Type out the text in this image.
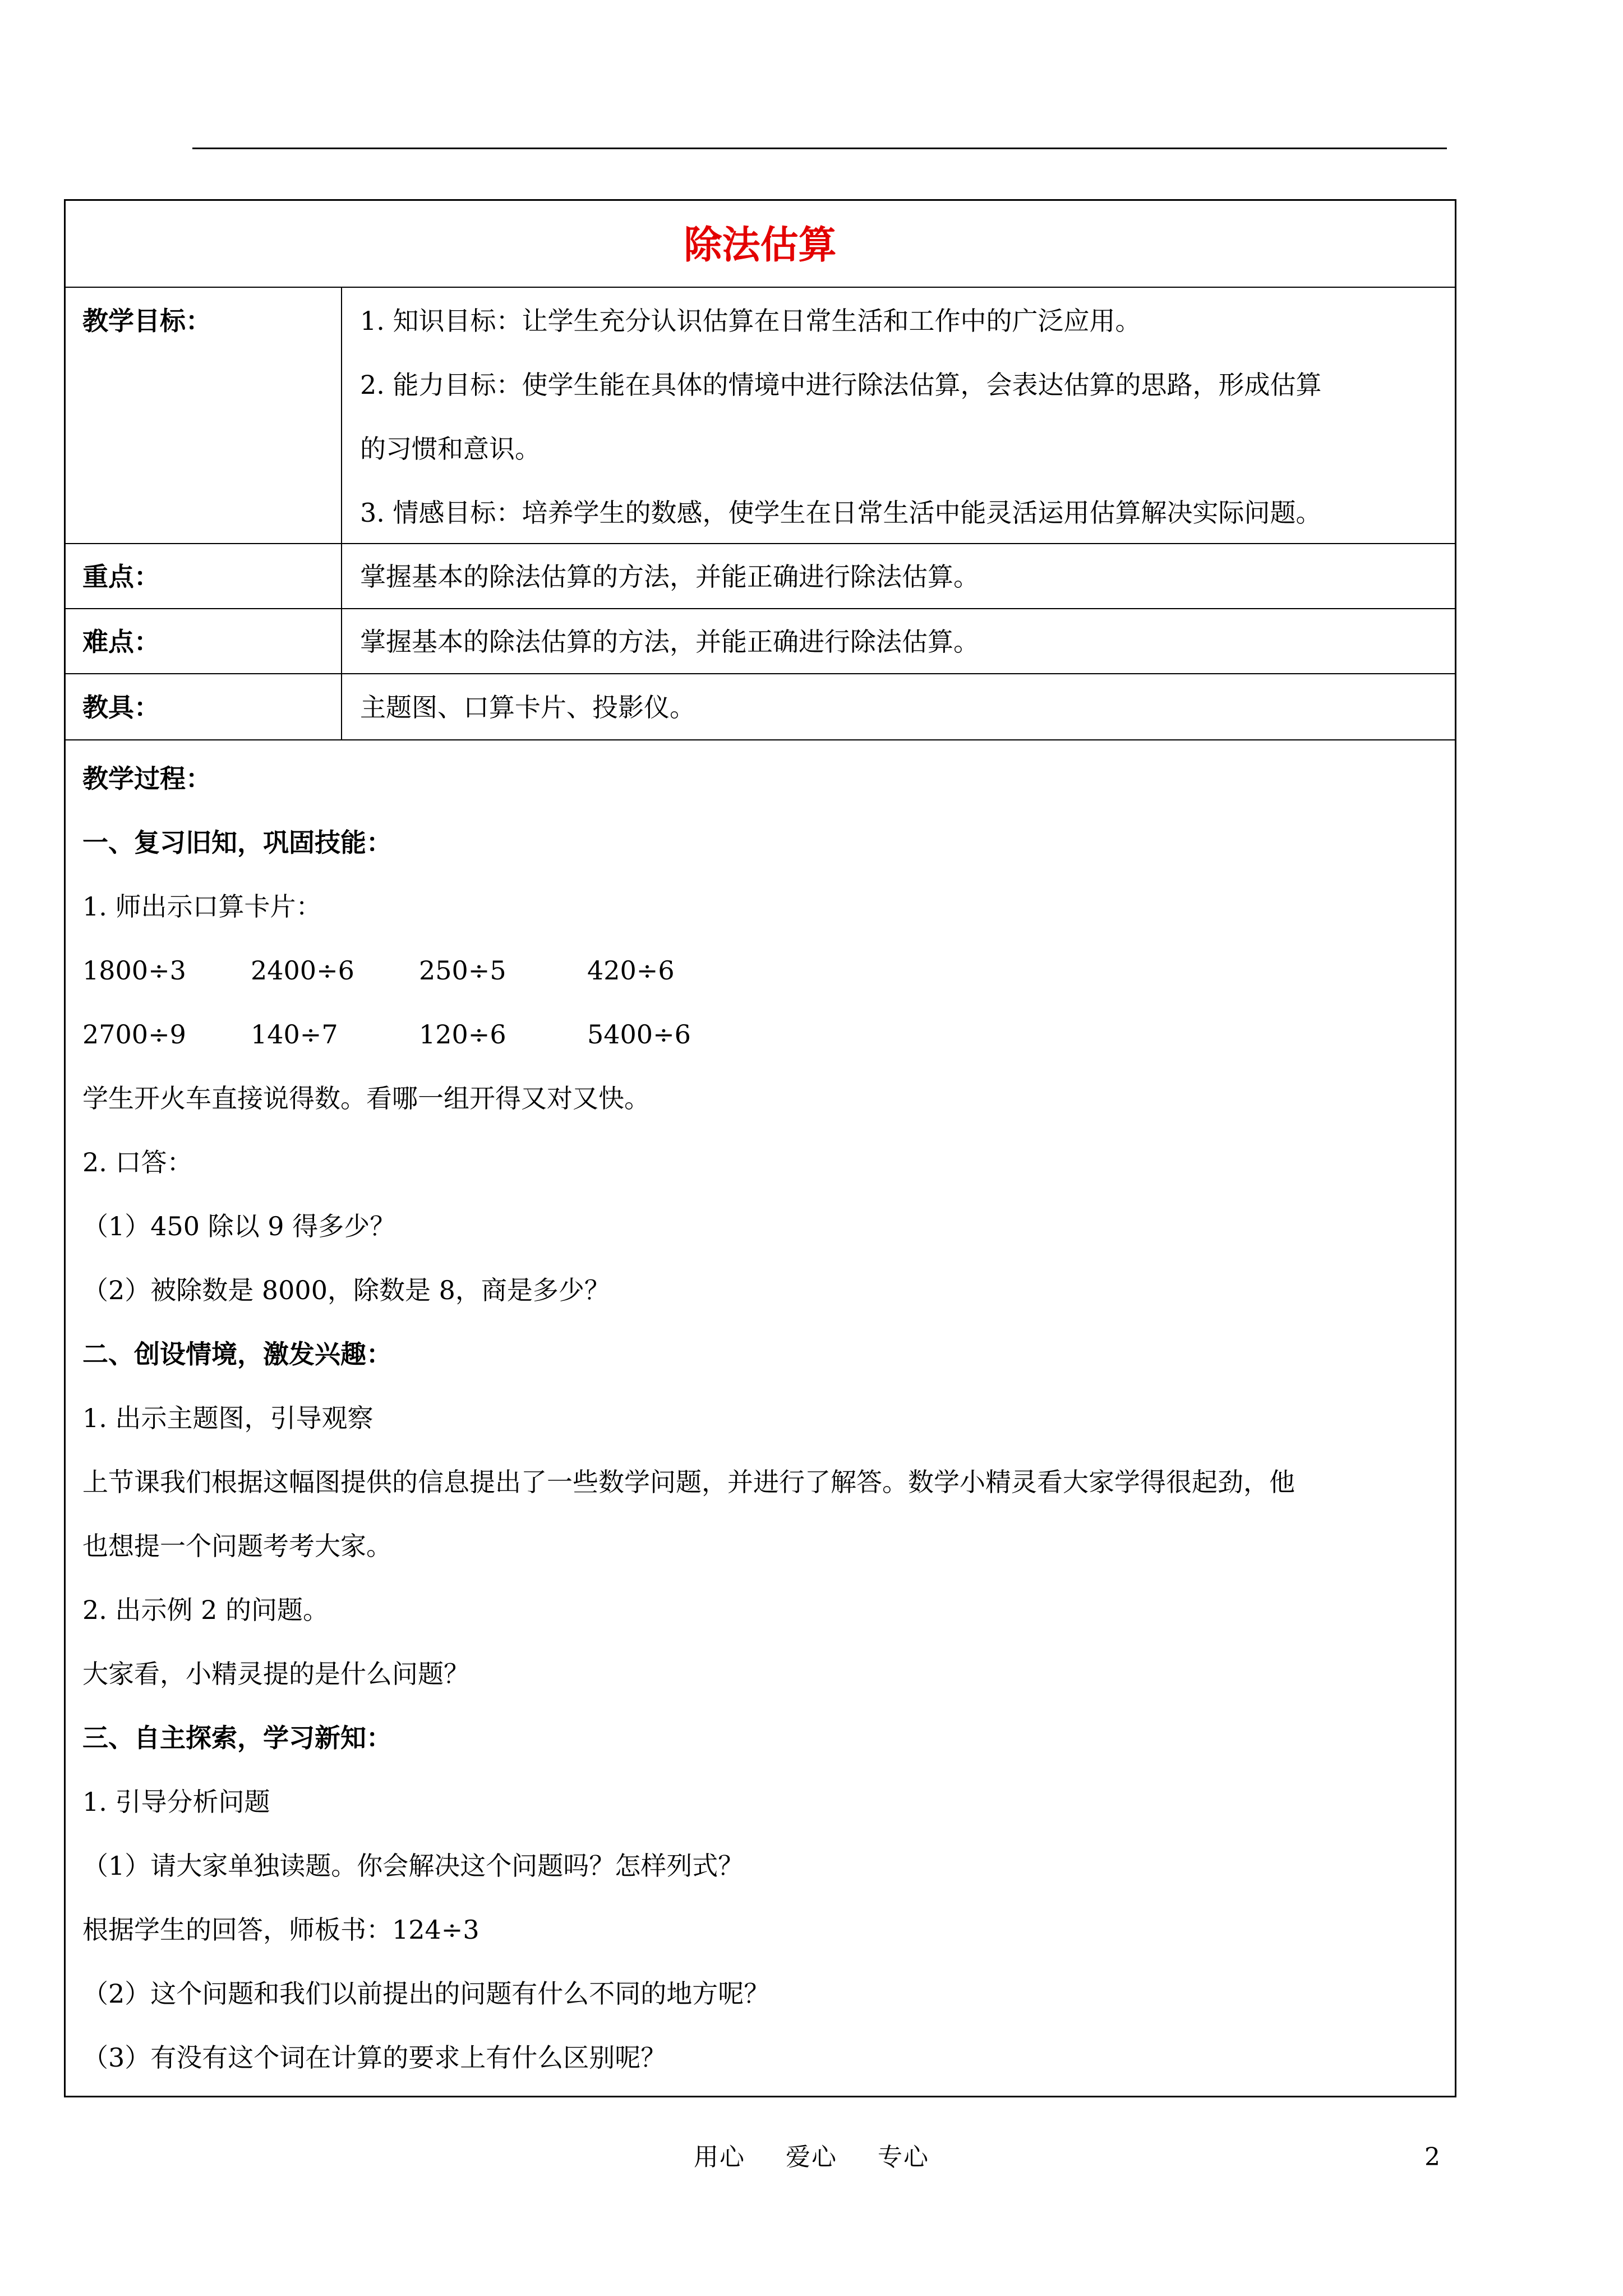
除法估算
教学目标：	1. 知识目标：让学生充分认识估算在日常生活和工作中的广泛应用。
2. 能力目标：使学生能在具体的情境中进行除法估算，会表达估算的思路，形成估算
的习惯和意识。
3. 情感目标：培养学生的数感，使学生在日常生活中能灵活运用估算解决实际问题。
重点：	掌握基本的除法估算的方法，并能正确进行除法估算。
难点：	掌握基本的除法估算的方法，并能正确进行除法估算。
教具：	主题图、口算卡片、投影仪。
教学过程：
一、复习旧知，巩固技能：
1. 师出示口算卡片：
1800÷3	2400÷6	250÷5	420÷6
2700÷9	140÷7	120÷6	5400÷6
学生开火车直接说得数。看哪一组开得又对又快。
2. 口答：
（1）450 除以 9 得多少？
（2）被除数是 8000，除数是 8，商是多少？
二、创设情境，激发兴趣：
1. 出示主题图，引导观察
上节课我们根据这幅图提供的信息提出了一些数学问题，并进行了解答。数学小精灵看大家学得很起劲，他
也想提一个问题考考大家。
2. 出示例 2 的问题。
大家看，小精灵提的是什么问题？
三、自主探索，学习新知：
1. 引导分析问题
（1）请大家单独读题。你会解决这个问题吗？怎样列式？
根据学生的回答，师板书：124÷3
（2）这个问题和我们以前提出的问题有什么不同的地方呢？
（3）有没有这个词在计算的要求上有什么区别呢？
用心 爱心 专心	2
